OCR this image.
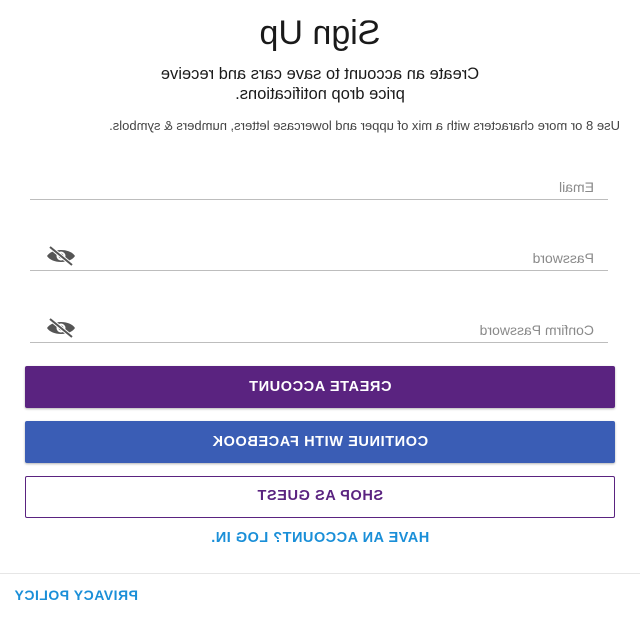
Sign Up
Create an account to save cars and receive price drop notifications.
Use 8 or more characters with a mix of upper and lowercase letters, numbers & symbols.
Email
Password
Confirm Password
CREATE ACCOUNT
CONTINUE WITH FACEBOOK
SHOP AS GUEST
HAVE AN ACCOUNT? LOG IN.
PRIVACY POLICY
